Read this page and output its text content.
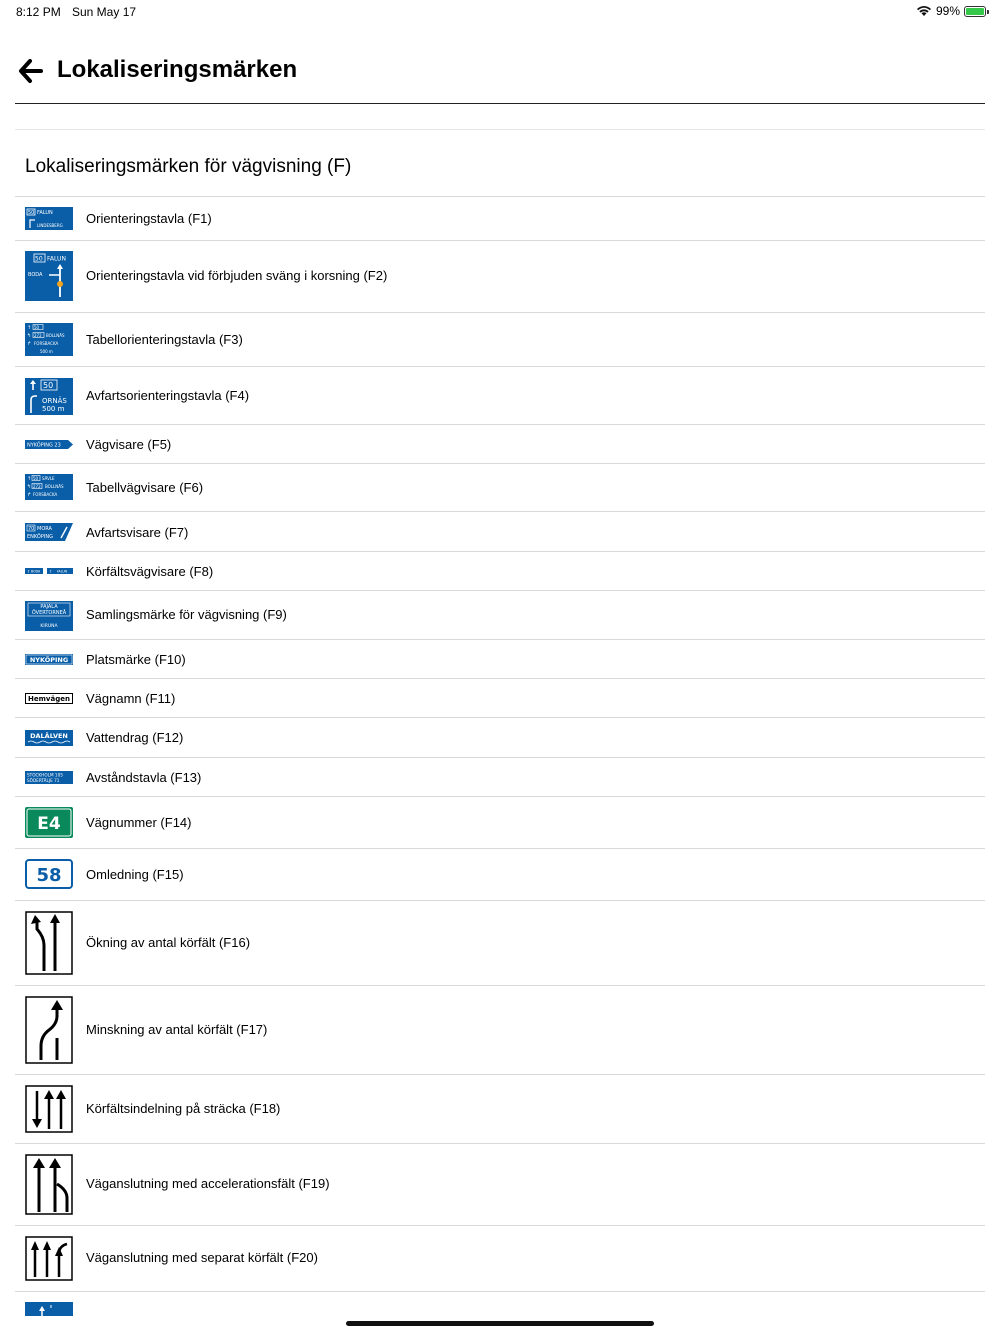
8:12 PM Sun May 17	99%
Lokaliseringsmärken
Lokaliseringsmärken för vägvisning (F)
50 FALUN
LINDESBERG Orienteringstavla (F1)
50 FALUN
BODA	Orienteringstavla vid förbjuden sväng i korsning (F2)
↑ 50
↰ 272 BOLLNÄS
↱ FORSBACKA
500 m
Tabellorienteringstavla (F3)
50
ORNÄS
500 m
Avfartsorienteringstavla (F4)
NYKÖPING 23 Vägvisare (F5)
↑ 50 SÄVLE
↰ 272 BOLLNÄS
↱ FORSBACKA Tabellvägvisare (F6)
70 MORA
ENKÖPING	Avfartsvisare (F7)
↑ BODA ↑ FALUN Körfältsvägvisare (F8)
PAJALA
ÖVERTORNEÅ
KIRUNA
Samlingsmärke för vägvisning (F9)
NYKÖPING Platsmärke (F10)
Hemvägen Vägnamn (F11)
DALÄLVEN Vattendrag (F12)
STOCKHOLM 105
SÖDERTÄLJE 71 Avståndstavla (F13)
E4 Vägnummer (F14)
58 Omledning (F15)
Ökning av antal körfält (F16)
Minskning av antal körfält (F17)
Körfältsindelning på sträcka (F18)
Väganslutning med accelerationsfält (F19)
Väganslutning med separat körfält (F20)
